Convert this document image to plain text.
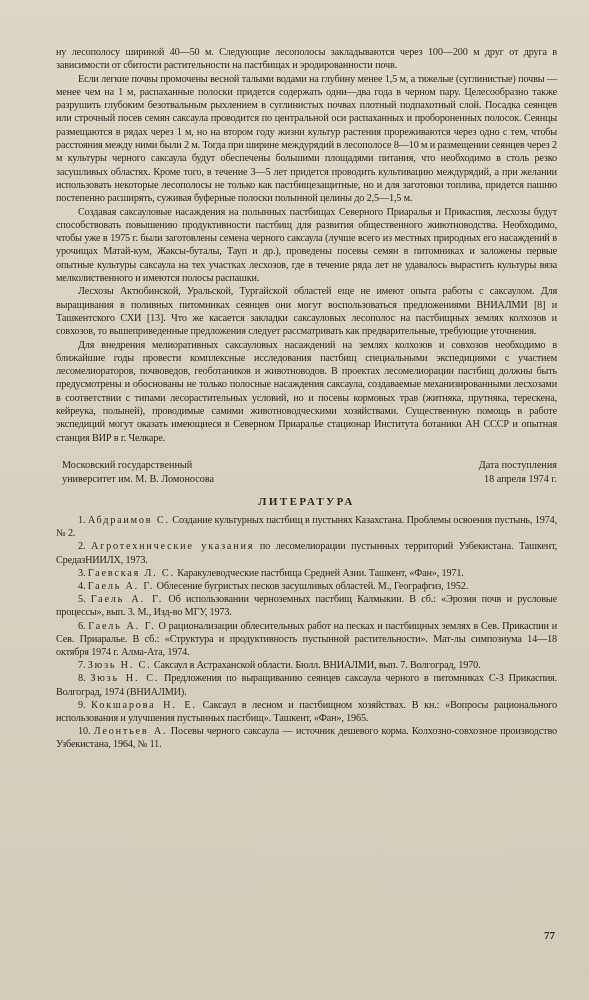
ну лесополосу шириной 40—50 м. Следующие лесополосы закладываются через 100—200 м друг от друга в зависимости от сбитости растительности на пастбищах и эродированности почв.

Если легкие почвы промочены весной талыми водами на глубину менее 1,5 м, а тяжелые (суглинистые) почвы — менее чем на 1 м, распаханные полоски придется содержать одни—два года в черном пару. Целесообразно также разрушить глубоким безотвальным рыхлением в суглинистых почвах плотный подпахотный слой. Посадка сеянцев или строчный посев семян саксаула проводится по центральной оси распаханных и пробороненных полосок. Сеянцы размещаются в рядах через 1 м, но на втором году жизни культур растения прореживаются через одно с тем, чтобы расстояния между ними были 2 м. Тогда при ширине междурядий в лесополосе 8—10 м и размещении сеянцев через 2 м культуры черного саксаула будут обеспечены большими площадями питания, что необходимо в столь резко засушливых областях. Кроме того, в течение 3—5 лет придется проводить культивацию междурядий, а при желании использовать некоторые лесополосы не только как пастбищезащитные, но и для заготовки топлива, придется пашню постепенно расширять, суживая буферные полоски полынной целины до 2,5—1,5 м.

Создавая саксауловые насаждения на полынных пастбищах Северного Приаралья и Прикаспия, лесхозы будут способствовать повышению продуктивности пастбищ для развития общественного животноводства. Необходимо, чтобы уже в 1975 г. были заготовлены семена черного саксаула (лучше всего из местных природных его насаждений в урочищах Матай-кум, Жаксы-буталы, Тауп и др.), проведены посевы семян в питомниках и заложены первые опытные культуры саксаула на тех участках лесхозов, где в течение ряда лет не удавалось вырастить культуры вяза мелколиственного и имеются полосы распашки.

Лесхозы Актюбинской, Уральской, Тургайской областей еще не имеют опыта работы с саксаулом. Для выращивания в поливных питомниках сеянцев они могут воспользоваться предложениями ВНИАЛМИ [8] и Ташкентского СХИ [13]. Что же касается закладки саксауловых лесополос на пастбищных землях колхозов и совхозов, то вышеприведенные предложения следует рассматривать как предварительные, требующие уточнения.

Для внедрения мелиоративных саксауловых насаждений на землях колхозов и совхозов необходимо в ближайшие годы провести комплексные исследования пастбищ специальными экспедициями с участием лесомелиораторов, почвоведов, геоботаников и животноводов. В проектах лесомелиорации пастбищ должны быть предусмотрены и обоснованы не только полосные насаждения саксаула, создаваемые механизированными лесхозами в соответствии с типами лесорастительных условий, но и посевы кормовых трав (житняка, прутняка, терескена, кейреука, полыней), проводимые самими животноводческими хозяйствами. Существенную помощь в работе экспедиций могут оказать имеющиеся в Северном Приаралье стационар Института ботаники АН СССР и опытная станция ВИР в г. Челкаре.

Московский государственный
университет им. М. В. Ломоносова
Дата поступления
18 апреля 1974 г.
ЛИТЕРАТУРА

1. Абдраимов С. Создание культурных пастбищ в пустынях Казахстана. Проблемы освоения пустынь, 1974, № 2.

2. Агротехнические указания по лесомелиорации пустынных территорий Узбекистана. Ташкент, СредазНИИЛХ, 1973.

3. Гаевская Л. С. Каракулеводческие пастбища Средней Азии. Ташкент, «Фан», 1971.

4. Гаель А. Г. Облесение бугристых песков засушливых областей. М., Географгиз, 1952.

5. Гаель А. Г. Об использовании черноземных пастбищ Калмыкии. В сб.: «Эрозия почв и русловые процессы», вып. 3. М., Изд-во МГУ, 1973.

6. Гаель А. Г. О рационализации облесительных работ на песках и пастбищных землях в Сев. Прикаспии и Сев. Приаралье. В сб.: «Структура и продуктивность пустынной растительности». Мат-лы симпозиума 14—18 октября 1974 г. Алма-Ата, 1974.

7. Зюзь Н. С. Саксаул в Астраханской области. Бюлл. ВНИАЛМИ, вып. 7. Волгоград, 1970.

8. Зюзь Н. С. Предложения по выращиванию сеянцев саксаула черного в питомниках С-З Прикаспия. Волгоград, 1974 (ВНИАЛМИ).

9. Кокшарова Н. Е. Саксаул в лесном и пастбищном хозяйствах. В кн.: «Вопросы рационального использования и улучшения пустынных пастбищ». Ташкент, «Фан», 1965.

10. Леонтьев А. Посевы черного саксаула — источник дешевого корма. Колхозно-совхозное производство Узбекистана, 1964, № 11.

77
